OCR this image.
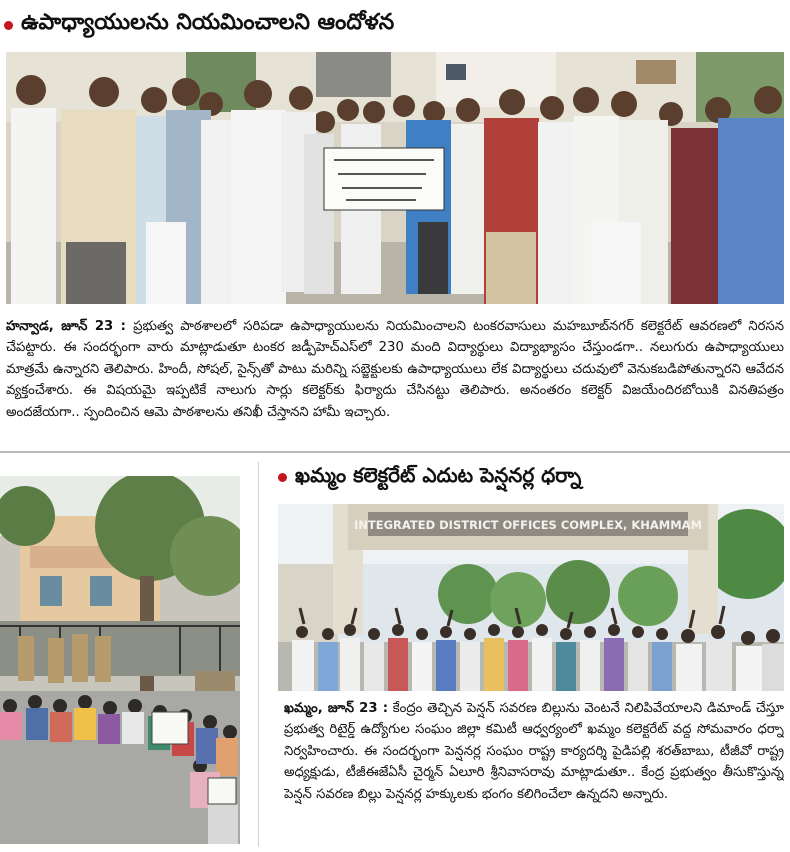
ఉపాధ్యాయులను నియమించాలని ఆందోళన
హన్వాడ, జూన్ 23 : ప్రభుత్వ పాఠశాలలో సరిపడా ఉపాధ్యాయులను నియమించాలని టంకరవాసులు మహబూబ్‌నగర్ కలెక్టరేట్ ఆవరణలో నిరసన చేపట్టారు. ఈ సందర్భంగా వారు మాట్లాడుతూ టంకర జడ్పీహెచ్ఎస్‌లో 230 మంది విద్యార్థులు విద్యాభ్యాసం చేస్తుండగా.. నలుగురు ఉపాధ్యాయులు మాత్రమే ఉన్నారని తెలిపారు. హిందీ, సోషల్, సైన్స్‌తో పాటు మరిన్ని సబ్జెక్టులకు ఉపాధ్యాయులు లేక విద్యార్థులు చదువులో వెనుకబడిపోతున్నారని ఆవేదన వ్యక్తంచేశారు. ఈ విషయమై ఇప్పటికే నాలుగు సార్లు కలెక్టర్‌కు ఫిర్యాదు చేసినట్టు తెలిపారు. అనంతరం కలెక్టర్ విజయేందిరబోయికి వినతిపత్రం అందజేయగా.. స్పందించిన ఆమె పాఠశాలను తనిఖీ చేస్తానని హామీ ఇచ్చారు.
ఖమ్మం కలెక్టరేట్ ఎదుట పెన్షనర్ల ధర్నా
INTEGRATED DISTRICT OFFICES COMPLEX, KHAMMAM
ఖమ్మం, జూన్ 23 : కేంద్రం తెచ్చిన పెన్షన్ సవరణ బిల్లును వెంటనే నిలిపివేయాలని డిమాండ్ చేస్తూ ప్రభుత్వ రిటైర్డ్ ఉద్యోగుల సంఘం జిల్లా కమిటీ ఆధ్వర్యంలో ఖమ్మం కలెక్టరేట్ వద్ద సోమవారం ధర్నా నిర్వహించారు. ఈ సందర్భంగా పెన్షనర్ల సంఘం రాష్ట్ర కార్యదర్శి పైడిపల్లి శరత్‌బాబు, టీజీవో రాష్ట్ర అధ్యక్షుడు, టీజీఈజేఏసీ చైర్మన్ ఏలూరి శ్రీనివాసరావు మాట్లాడుతూ.. కేంద్ర ప్రభుత్వం తీసుకొస్తున్న పెన్షన్ సవరణ బిల్లు పెన్షనర్ల హక్కులకు భంగం కలిగించేలా ఉన్నదని అన్నారు.
